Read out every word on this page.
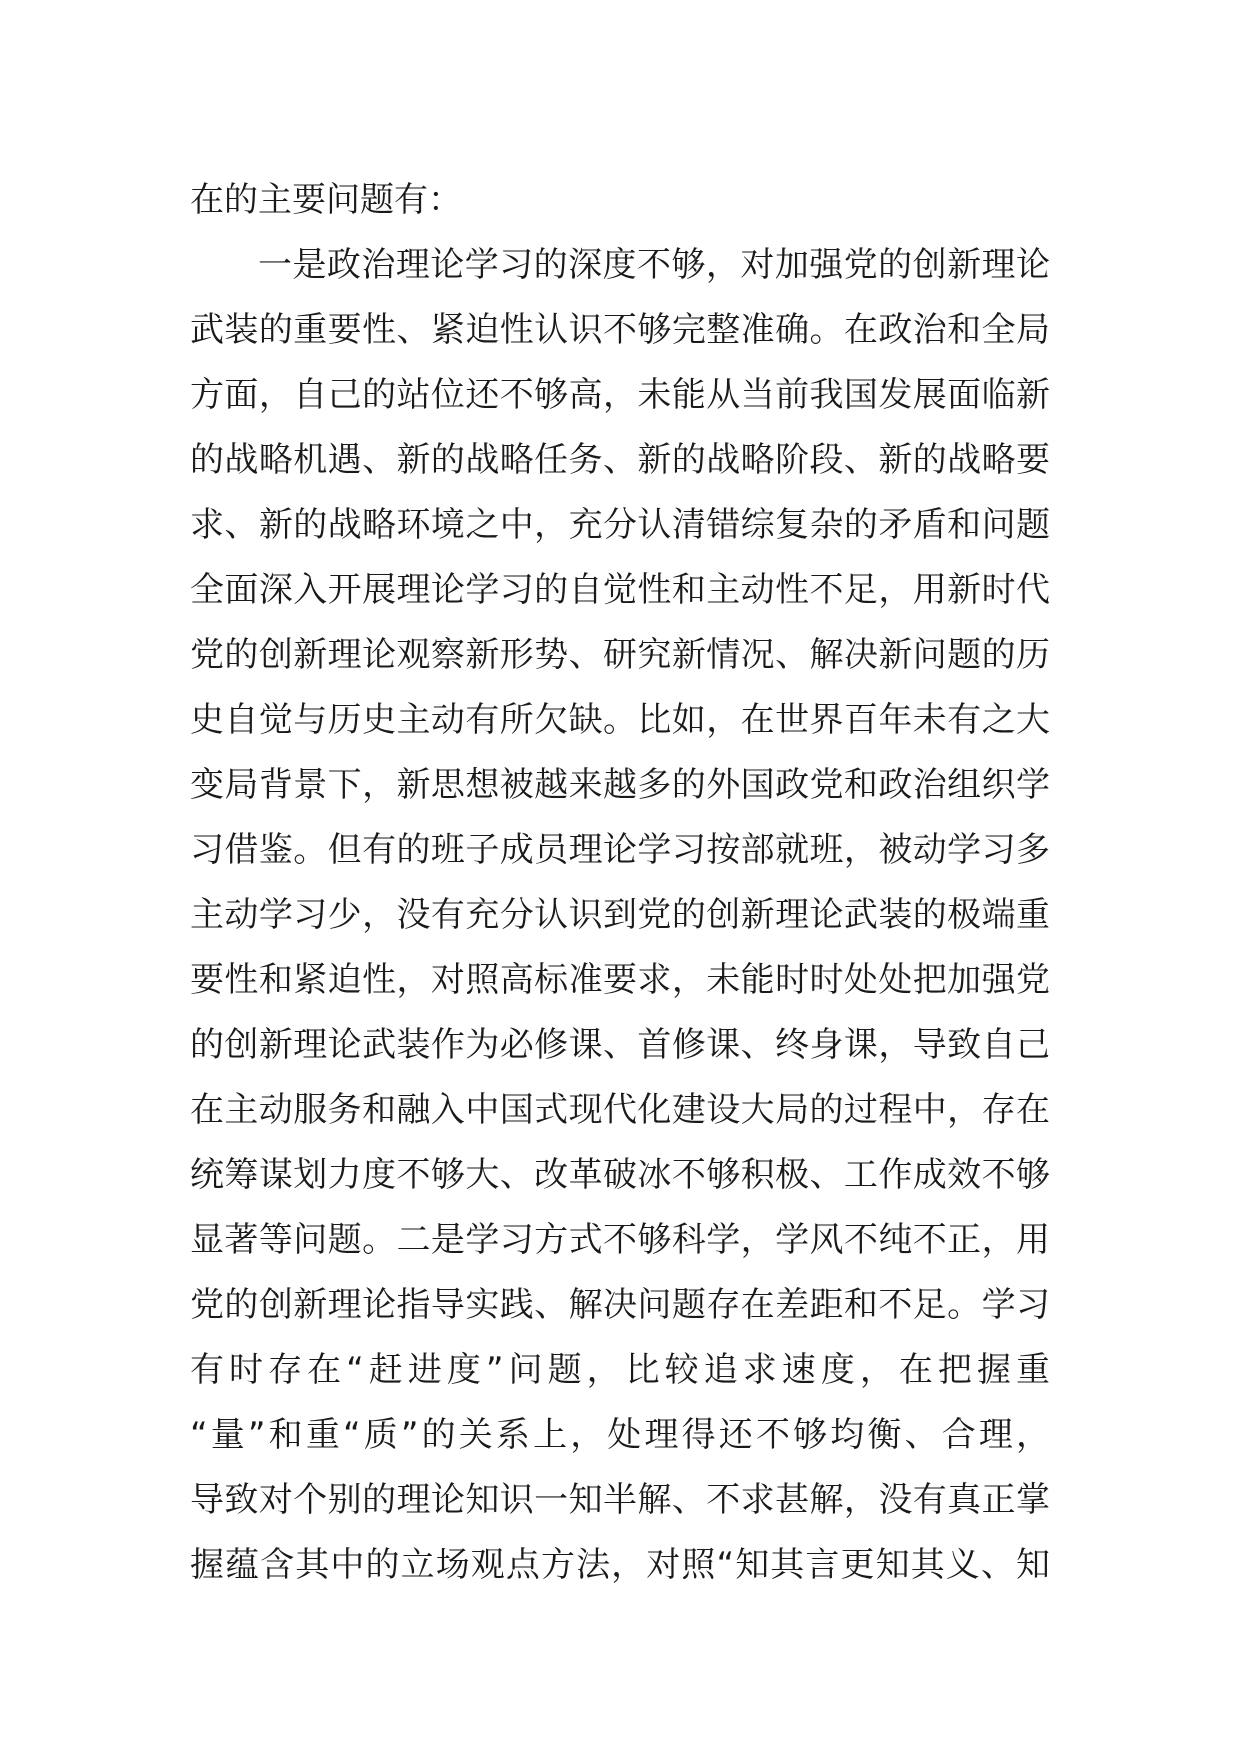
在的主要问题有：
一是政治理论学习的深度不够，对加强党的创新理论
武装的重要性、紧迫性认识不够完整准确。在政治和全局
方面，自己的站位还不够高，未能从当前我国发展面临新
的战略机遇、新的战略任务、新的战略阶段、新的战略要
求、新的战略环境之中，充分认清错综复杂的矛盾和问题
全面深入开展理论学习的自觉性和主动性不足，用新时代
党的创新理论观察新形势、研究新情况、解决新问题的历
史自觉与历史主动有所欠缺。比如，在世界百年未有之大
变局背景下，新思想被越来越多的外国政党和政治组织学
习借鉴。但有的班子成员理论学习按部就班，被动学习多
主动学习少，没有充分认识到党的创新理论武装的极端重
要性和紧迫性，对照高标准要求，未能时时处处把加强党
的创新理论武装作为必修课、首修课、终身课，导致自己
在主动服务和融入中国式现代化建设大局的过程中，存在
统筹谋划力度不够大、改革破冰不够积极、工作成效不够
显著等问题。二是学习方式不够科学，学风不纯不正，用
党的创新理论指导实践、解决问题存在差距和不足。学习
有时存在“赶进度”问题，比较追求速度，在把握重
“量”和重“质”的关系上，处理得还不够均衡、合理，
导致对个别的理论知识一知半解、不求甚解，没有真正掌
握蕴含其中的立场观点方法，对照“知其言更知其义、知
